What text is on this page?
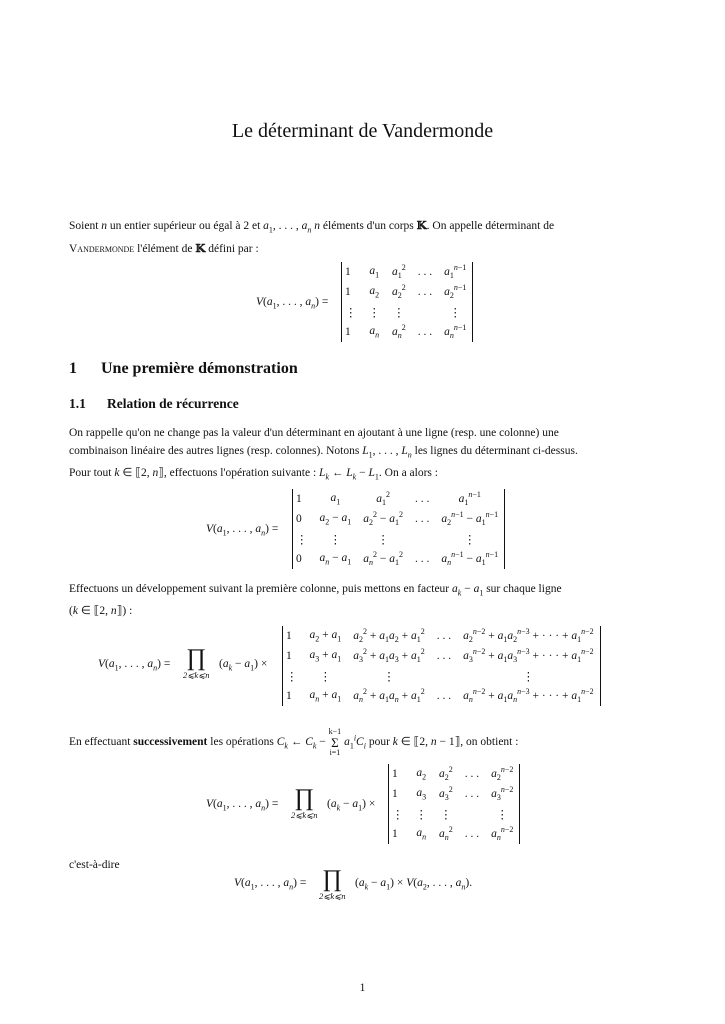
Le déterminant de Vandermonde
Soient n un entier supérieur ou égal à 2 et $a_1$, . . . , $a_n$ n éléments d'un corps 𝕂. On appelle déterminant de
Vandermonde l'élément de 𝕂 défini par :
$V(a_1$, . . . , $a_n$) =
1	$a_1$	$a_1^2$	. . .	$a_1^{n-1}$
1	$a_2$	$a_2^2$	. . .	$a_2^{n-1}$
⋮	⋮	⋮		⋮
1	$a_n$	$a_n^2$	. . .	$a_n^{n-1}$
1 Une première démonstration
1.1 Relation de récurrence
On rappelle qu'on ne change pas la valeur d'un déterminant en ajoutant à une ligne (resp. une colonne) une
combinaison linéaire des autres lignes (resp. colonnes). Notons $L_1$, . . . , $L_n$ les lignes du déterminant ci-dessus.
Pour tout k ∈ ⟦2, n⟧, effectuons l'opération suivante : $L_k$ ← $L_k - L_1$. On a alors :
$V(a_1$, . . . , $a_n$) =
1	$a_1$	$a_1^2$	. . .	$a_1^{n-1}$
0	$a_2 - a_1$	$a_2^2 - a_1^2$	. . .	$a_2^{n-1} - a_1^{n-1}$
⋮	⋮	⋮		⋮
0	$a_n - a_1$	$a_n^2 - a_1^2$	. . .	$a_n^{n-1} - a_1^{n-1}$
Effectuons un développement suivant la première colonne, puis mettons en facteur $a_k - a_1$ sur chaque ligne
(k ∈ ⟦2, n⟧) :
$V(a_1$, . . . , $a_n$) = ∏
2⩽k⩽n
$(a_k - a_1)$ ×
1	$a_2 + a_1$	$a_2^2 + a_1a_2 + a_1^2$	. . .	$a_2^{n-2} + a_1a_2^{n-3}$ + · · · + $a_1^{n-2}$
1	$a_3 + a_1$	$a_3^2 + a_1a_3 + a_1^2$	. . .	$a_3^{n-2} + a_1a_3^{n-3}$ + · · · + $a_1^{n-2}$
⋮	⋮	⋮		⋮
1	$a_n + a_1$	$a_n^2 + a_1a_n + a_1^2$	. . .	$a_n^{n-2} + a_1a_n^{n-3}$ + · · · + $a_1^{n-2}$
En effectuant successivement les opérations $C_k$ ← $C_k$ −
k−1
Σ
i=1
$a_1^iC_i$ pour k ∈ ⟦2, n − 1⟧, on obtient :
$V(a_1$, . . . , $a_n$) = ∏
2⩽k⩽n
$(a_k - a_1)$ ×
1	$a_2$	$a_2^2$	. . .	$a_2^{n-2}$
1	$a_3$	$a_3^2$	. . .	$a_3^{n-2}$
⋮	⋮	⋮		⋮
1	$a_n$	$a_n^2$	. . .	$a_n^{n-2}$
c'est-à-dire
$V(a_1$, . . . , $a_n$) = ∏
2⩽k⩽n
$(a_k - a_1) \times V(a_2$, . . . , $a_n$).
1
